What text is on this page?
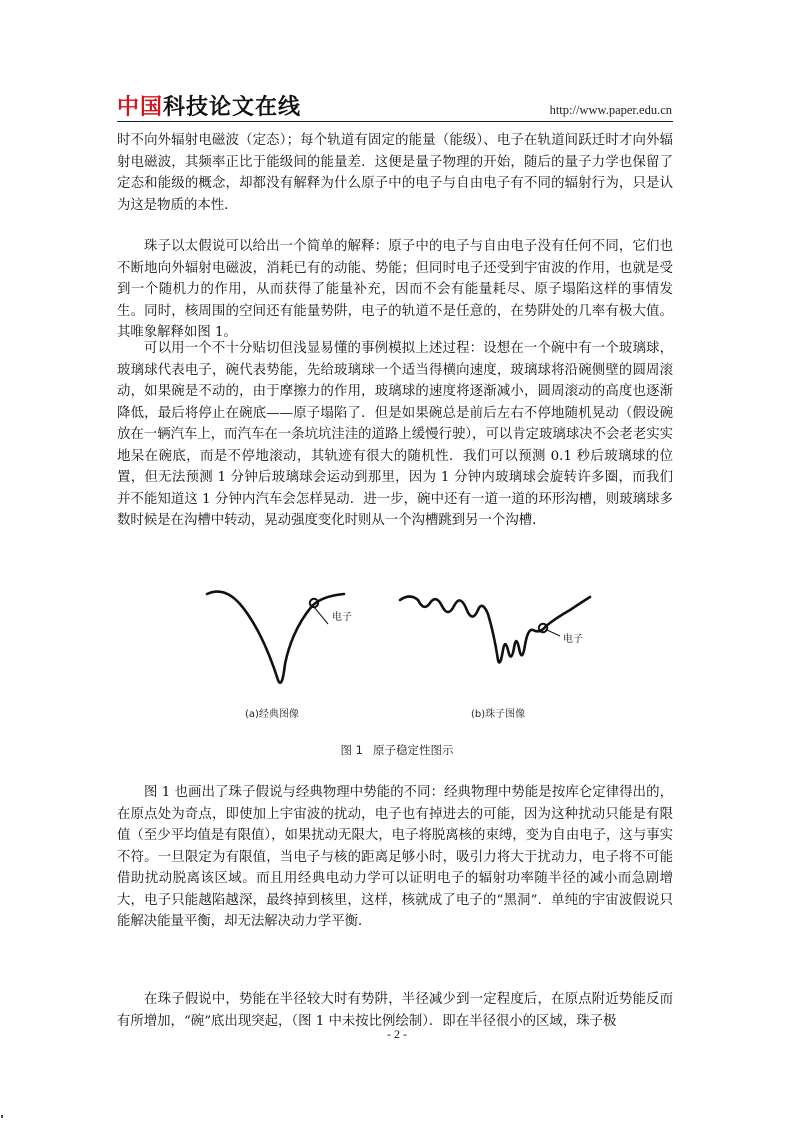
中国科技论文在线	http://www.paper.edu.cn

时不向外辐射电磁波（定态）；每个轨道有固定的能量（能级）、电子在轨道间跃迁时才向外辐射电磁波，其频率正比于能级间的能量差．这便是量子物理的开始，随后的量子力学也保留了定态和能级的概念，却都没有解释为什么原子中的电子与自由电子有不同的辐射行为，只是认为这是物质的本性．

珠子以太假说可以给出一个简单的解释：原子中的电子与自由电子没有任何不同，它们也不断地向外辐射电磁波，消耗已有的动能、势能；但同时电子还受到宇宙波的作用，也就是受到一个随机力的作用，从而获得了能量补充，因而不会有能量耗尽、原子塌陷这样的事情发生。同时，核周围的空间还有能量势阱，电子的轨道不是任意的，在势阱处的几率有极大值。其唯象解释如图 1。

可以用一个不十分贴切但浅显易懂的事例模拟上述过程：设想在一个碗中有一个玻璃球，玻璃球代表电子，碗代表势能，先给玻璃球一个适当得横向速度，玻璃球将沿碗侧壁的圆周滚动，如果碗是不动的，由于摩擦力的作用，玻璃球的速度将逐渐减小，圆周滚动的高度也逐渐降低，最后将停止在碗底——原子塌陷了．但是如果碗总是前后左右不停地随机晃动（假设碗放在一辆汽车上，而汽车在一条坑坑洼洼的道路上缓慢行驶），可以肯定玻璃球决不会老老实实地呆在碗底，而是不停地滚动，其轨迹有很大的随机性．我们可以预测 0.1 秒后玻璃球的位置，但无法预测 1 分钟后玻璃球会运动到那里，因为 1 分钟内玻璃球会旋转许多圈，而我们并不能知道这 1 分钟内汽车会怎样晃动．进一步，碗中还有一道一道的环形沟槽，则玻璃球多数时候是在沟槽中转动，晃动强度变化时则从一个沟槽跳到另一个沟槽．

电子
电子
(a)经典图像	(b)珠子图像
图 1 原子稳定性图示

图 1 也画出了珠子假说与经典物理中势能的不同：经典物理中势能是按库仑定律得出的，在原点处为奇点，即使加上宇宙波的扰动，电子也有掉进去的可能，因为这种扰动只能是有限值（至少平均值是有限值），如果扰动无限大，电子将脱离核的束缚，变为自由电子，这与事实不符。一旦限定为有限值，当电子与核的距离足够小时，吸引力将大于扰动力，电子将不可能借助扰动脱离该区域。而且用经典电动力学可以证明电子的辐射功率随半径的减小而急剧增大，电子只能越陷越深，最终掉到核里，这样，核就成了电子的“黑洞”．单纯的宇宙波假说只能解决能量平衡，却无法解决动力学平衡．

在珠子假说中，势能在半径较大时有势阱，半径减少到一定程度后，在原点附近势能反而有所增加，“碗”底出现突起，（图 1 中未按比例绘制）．即在半径很小的区域，珠子极

- 2 -
